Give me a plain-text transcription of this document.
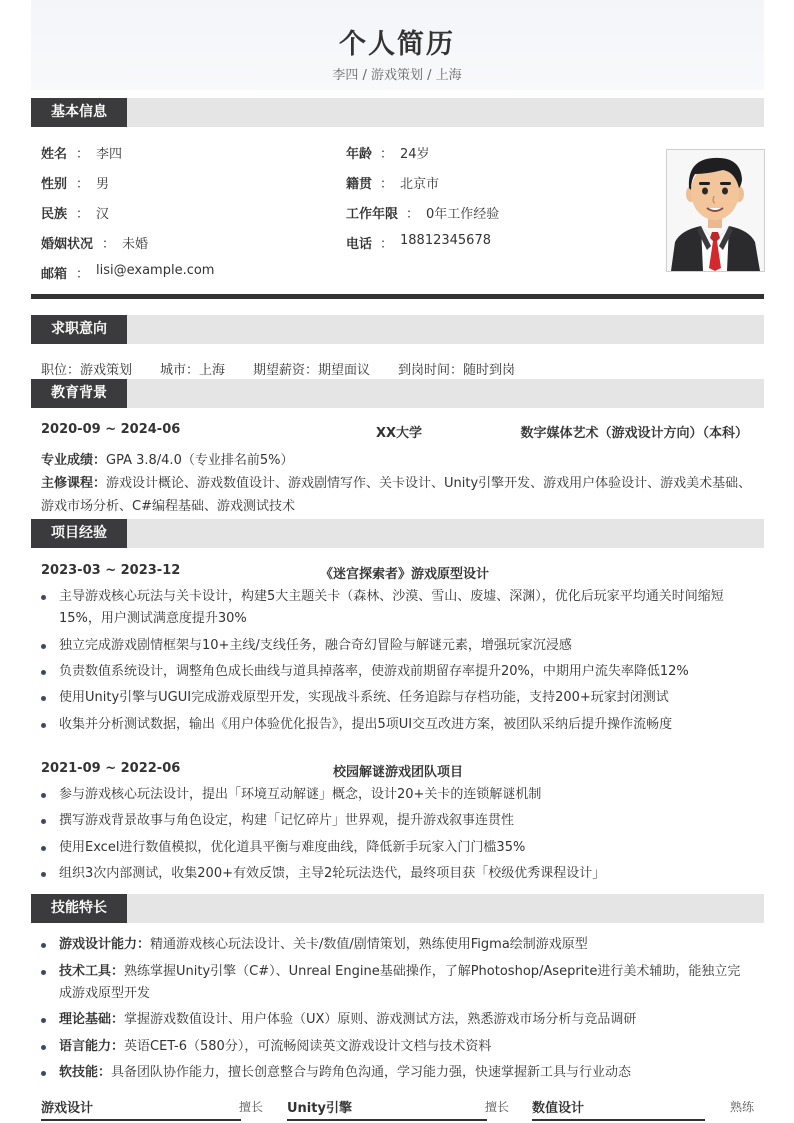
个人简历
李四 / 游戏策划 / 上海
基本信息
姓名 ： 李四
性别 ： 男
民族 ： 汉
婚姻状况 ： 未婚
邮箱 ： lisi@example.com
年龄 ： 24岁
籍贯 ： 北京市
工作年限 ： 0年工作经验
电话 ： 18812345678
求职意向
职位：游戏策划 城市：上海 期望薪资：期望面议 到岗时间：随时到岗
教育背景
2020-09 ~ 2024-06	XX大学	数字媒体艺术（游戏设计方向）（本科）
专业成绩： GPA 3.8/4.0（专业排名前5%）
主修课程： 游戏设计概论、游戏数值设计、游戏剧情写作、关卡设计、Unity引擎开发、游戏用户体验设计、游戏美术基础、
游戏市场分析、C#编程基础、游戏测试技术
项目经验
2023-03 ~ 2023-12	《迷宫探索者》游戏原型设计
主导游戏核心玩法与关卡设计，构建5大主题关卡（森林、沙漠、雪山、废墟、深渊），优化后玩家平均通关时间缩短
15%，用户测试满意度提升30%
独立完成游戏剧情框架与10+主线/支线任务，融合奇幻冒险与解谜元素，增强玩家沉浸感
负责数值系统设计，调整角色成长曲线与道具掉落率，使游戏前期留存率提升20%，中期用户流失率降低12%
使用Unity引擎与UGUI完成游戏原型开发，实现战斗系统、任务追踪与存档功能，支持200+玩家封闭测试
收集并分析测试数据，输出《用户体验优化报告》，提出5项UI交互改进方案，被团队采纳后提升操作流畅度
2021-09 ~ 2022-06	校园解谜游戏团队项目
参与游戏核心玩法设计，提出「环境互动解谜」概念，设计20+关卡的连锁解谜机制
撰写游戏背景故事与角色设定，构建「记忆碎片」世界观，提升游戏叙事连贯性
使用Excel进行数值模拟，优化道具平衡与难度曲线，降低新手玩家入门门槛35%
组织3次内部测试，收集200+有效反馈，主导2轮玩法迭代，最终项目获「校级优秀课程设计」
技能特长
游戏设计能力：精通游戏核心玩法设计、关卡/数值/剧情策划，熟练使用Figma绘制游戏原型
技术工具：熟练掌握Unity引擎（C#）、Unreal Engine基础操作，了解Photoshop/Aseprite进行美术辅助，能独立完成游戏原型开发
理论基础：掌握游戏数值设计、用户体验（UX）原则、游戏测试方法，熟悉游戏市场分析与竞品调研
语言能力：英语CET-6（580分），可流畅阅读英文游戏设计文档与技术资料
软技能：具备团队协作能力，擅长创意整合与跨角色沟通，学习能力强，快速掌握新工具与行业动态
游戏设计	擅长 Unity引擎	擅长 数值设计	熟练
